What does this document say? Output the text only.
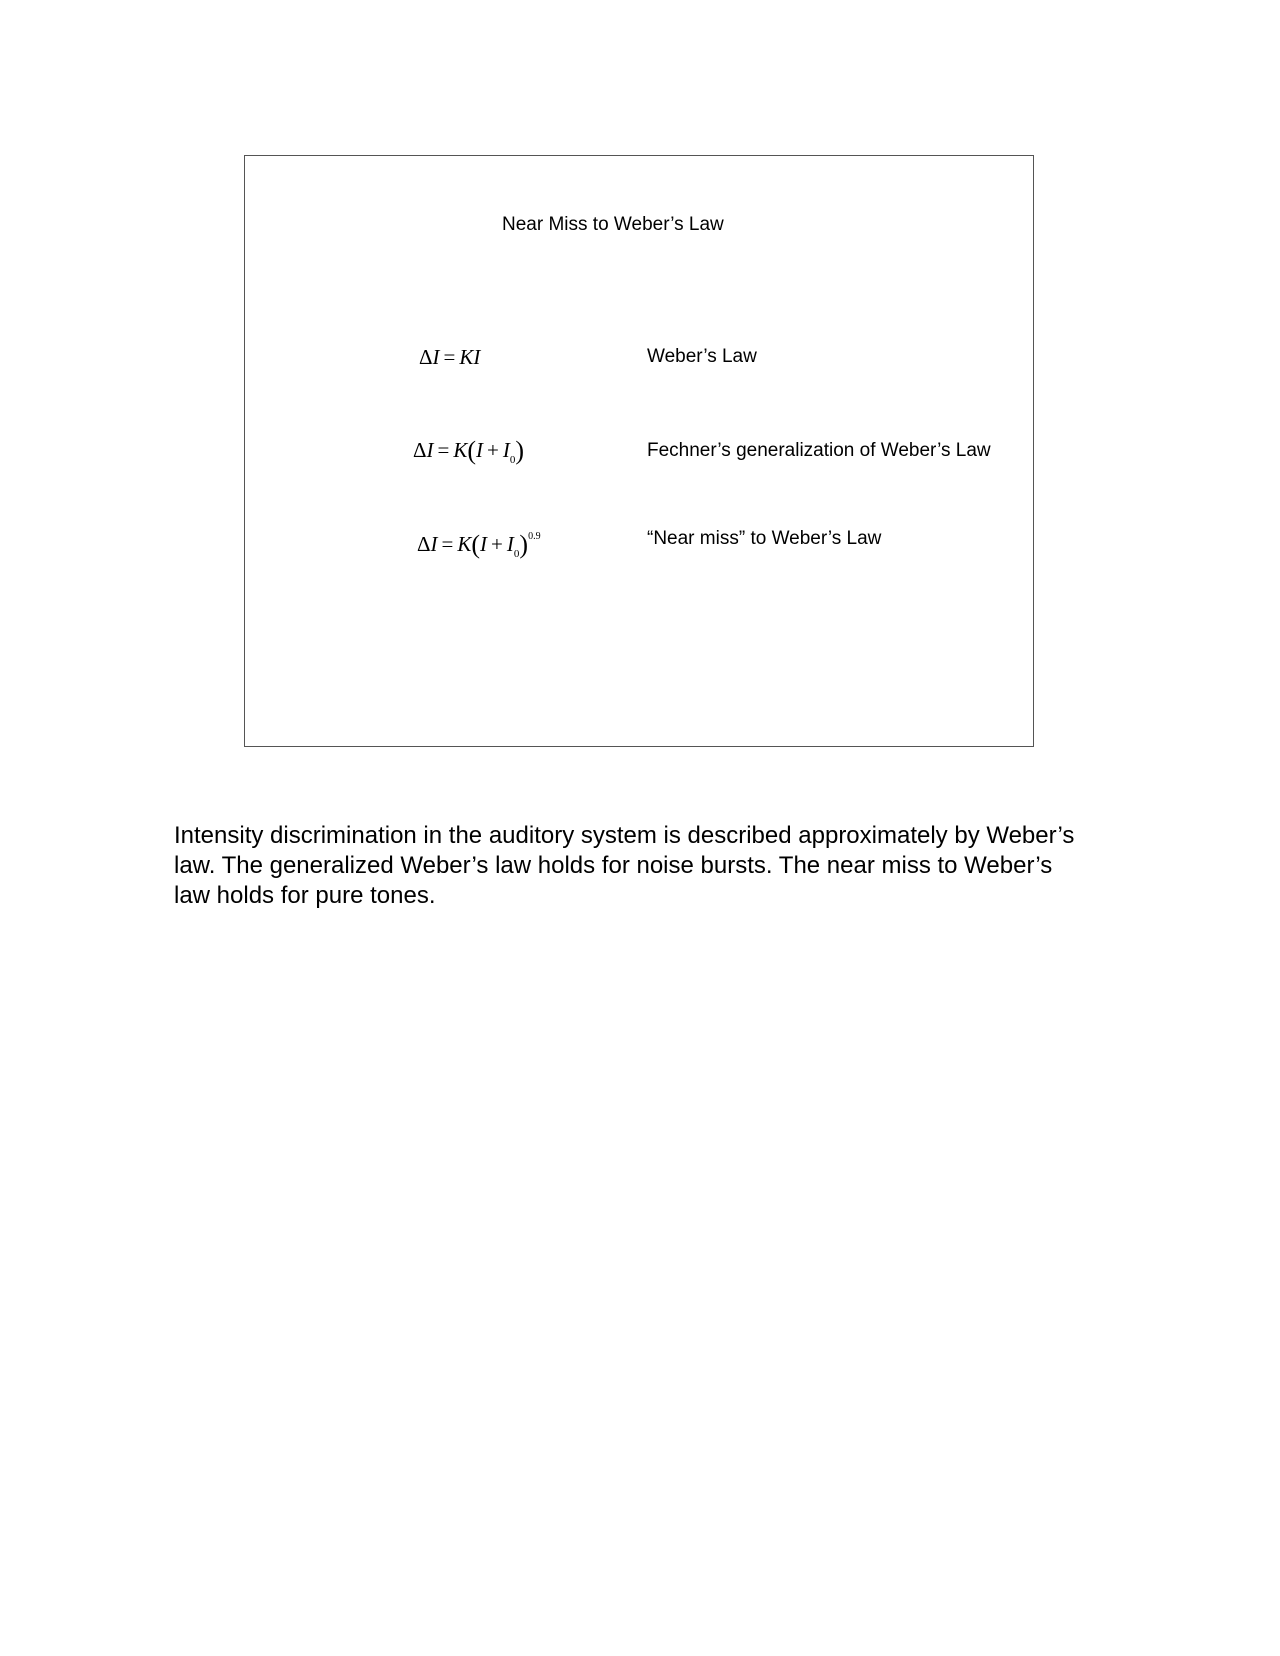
Near Miss to Weber’s Law
ΔI = KI	Weber’s Law
$\Delta I = K(I + I_0)$	Fechner’s generalization of Weber’s Law
$\Delta I = K(I + I_0)^{0.9}$	“Near miss” to Weber’s Law

Intensity discrimination in the auditory system is described approximately by Weber’s law. The generalized Weber’s law holds for noise bursts. The near miss to Weber’s law holds for pure tones.
